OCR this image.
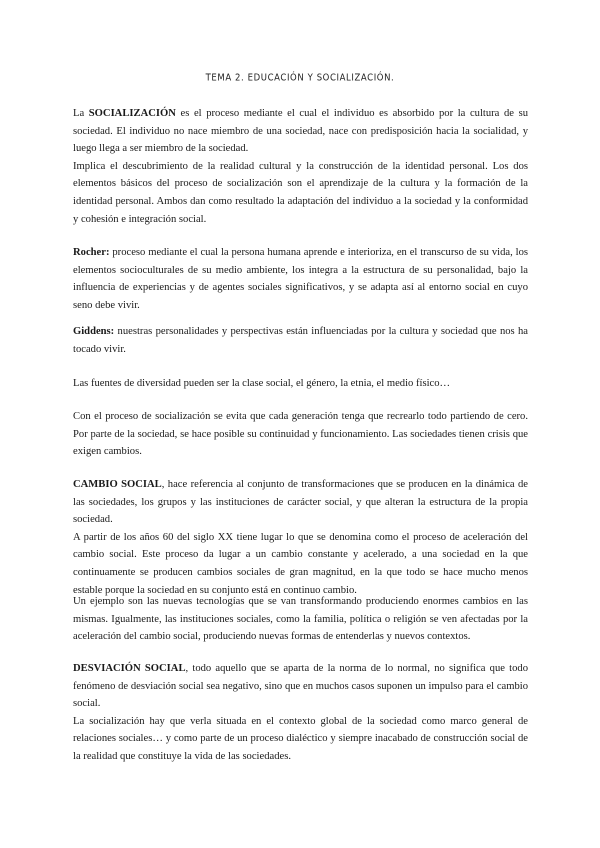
TEMA 2. EDUCACIÓN Y SOCIALIZACIÓN.

La SOCIALIZACIÓN es el proceso mediante el cual el individuo es absorbido por la cultura de su sociedad. El individuo no nace miembro de una sociedad, nace con predisposición hacia la socialidad, y luego llega a ser miembro de la sociedad.
Implica el descubrimiento de la realidad cultural y la construcción de la identidad personal. Los dos elementos básicos del proceso de socialización son el aprendizaje de la cultura y la formación de la identidad personal. Ambos dan como resultado la adaptación del individuo a la sociedad y la conformidad y cohesión e integración social.

Rocher: proceso mediante el cual la persona humana aprende e interioriza, en el transcurso de su vida, los elementos socioculturales de su medio ambiente, los integra a la estructura de su personalidad, bajo la influencia de experiencias y de agentes sociales significativos, y se adapta así al entorno social en cuyo seno debe vivir.

Giddens: nuestras personalidades y perspectivas están influenciadas por la cultura y sociedad que nos ha tocado vivir.

Las fuentes de diversidad pueden ser la clase social, el género, la etnia, el medio físico…

Con el proceso de socialización se evita que cada generación tenga que recrearlo todo partiendo de cero. Por parte de la sociedad, se hace posible su continuidad y funcionamiento. Las sociedades tienen crisis que exigen cambios.

CAMBIO SOCIAL, hace referencia al conjunto de transformaciones que se producen en la dinámica de las sociedades, los grupos y las instituciones de carácter social, y que alteran la estructura de la propia sociedad.
A partir de los años 60 del siglo XX tiene lugar lo que se denomina como el proceso de aceleración del cambio social. Este proceso da lugar a un cambio constante y acelerado, a una sociedad en la que continuamente se producen cambios sociales de gran magnitud, en la que todo se hace mucho menos estable porque la sociedad en su conjunto está en continuo cambio.

Un ejemplo son las nuevas tecnologías que se van transformando produciendo enormes cambios en las mismas. Igualmente, las instituciones sociales, como la familia, política o religión se ven afectadas por la aceleración del cambio social, produciendo nuevas formas de entenderlas y nuevos contextos.

DESVIACIÓN SOCIAL, todo aquello que se aparta de la norma de lo normal, no significa que todo fenómeno de desviación social sea negativo, sino que en muchos casos suponen un impulso para el cambio social.
La socialización hay que verla situada en el contexto global de la sociedad como marco general de relaciones sociales… y como parte de un proceso dialéctico y siempre inacabado de construcción social de la realidad que constituye la vida de las sociedades.
